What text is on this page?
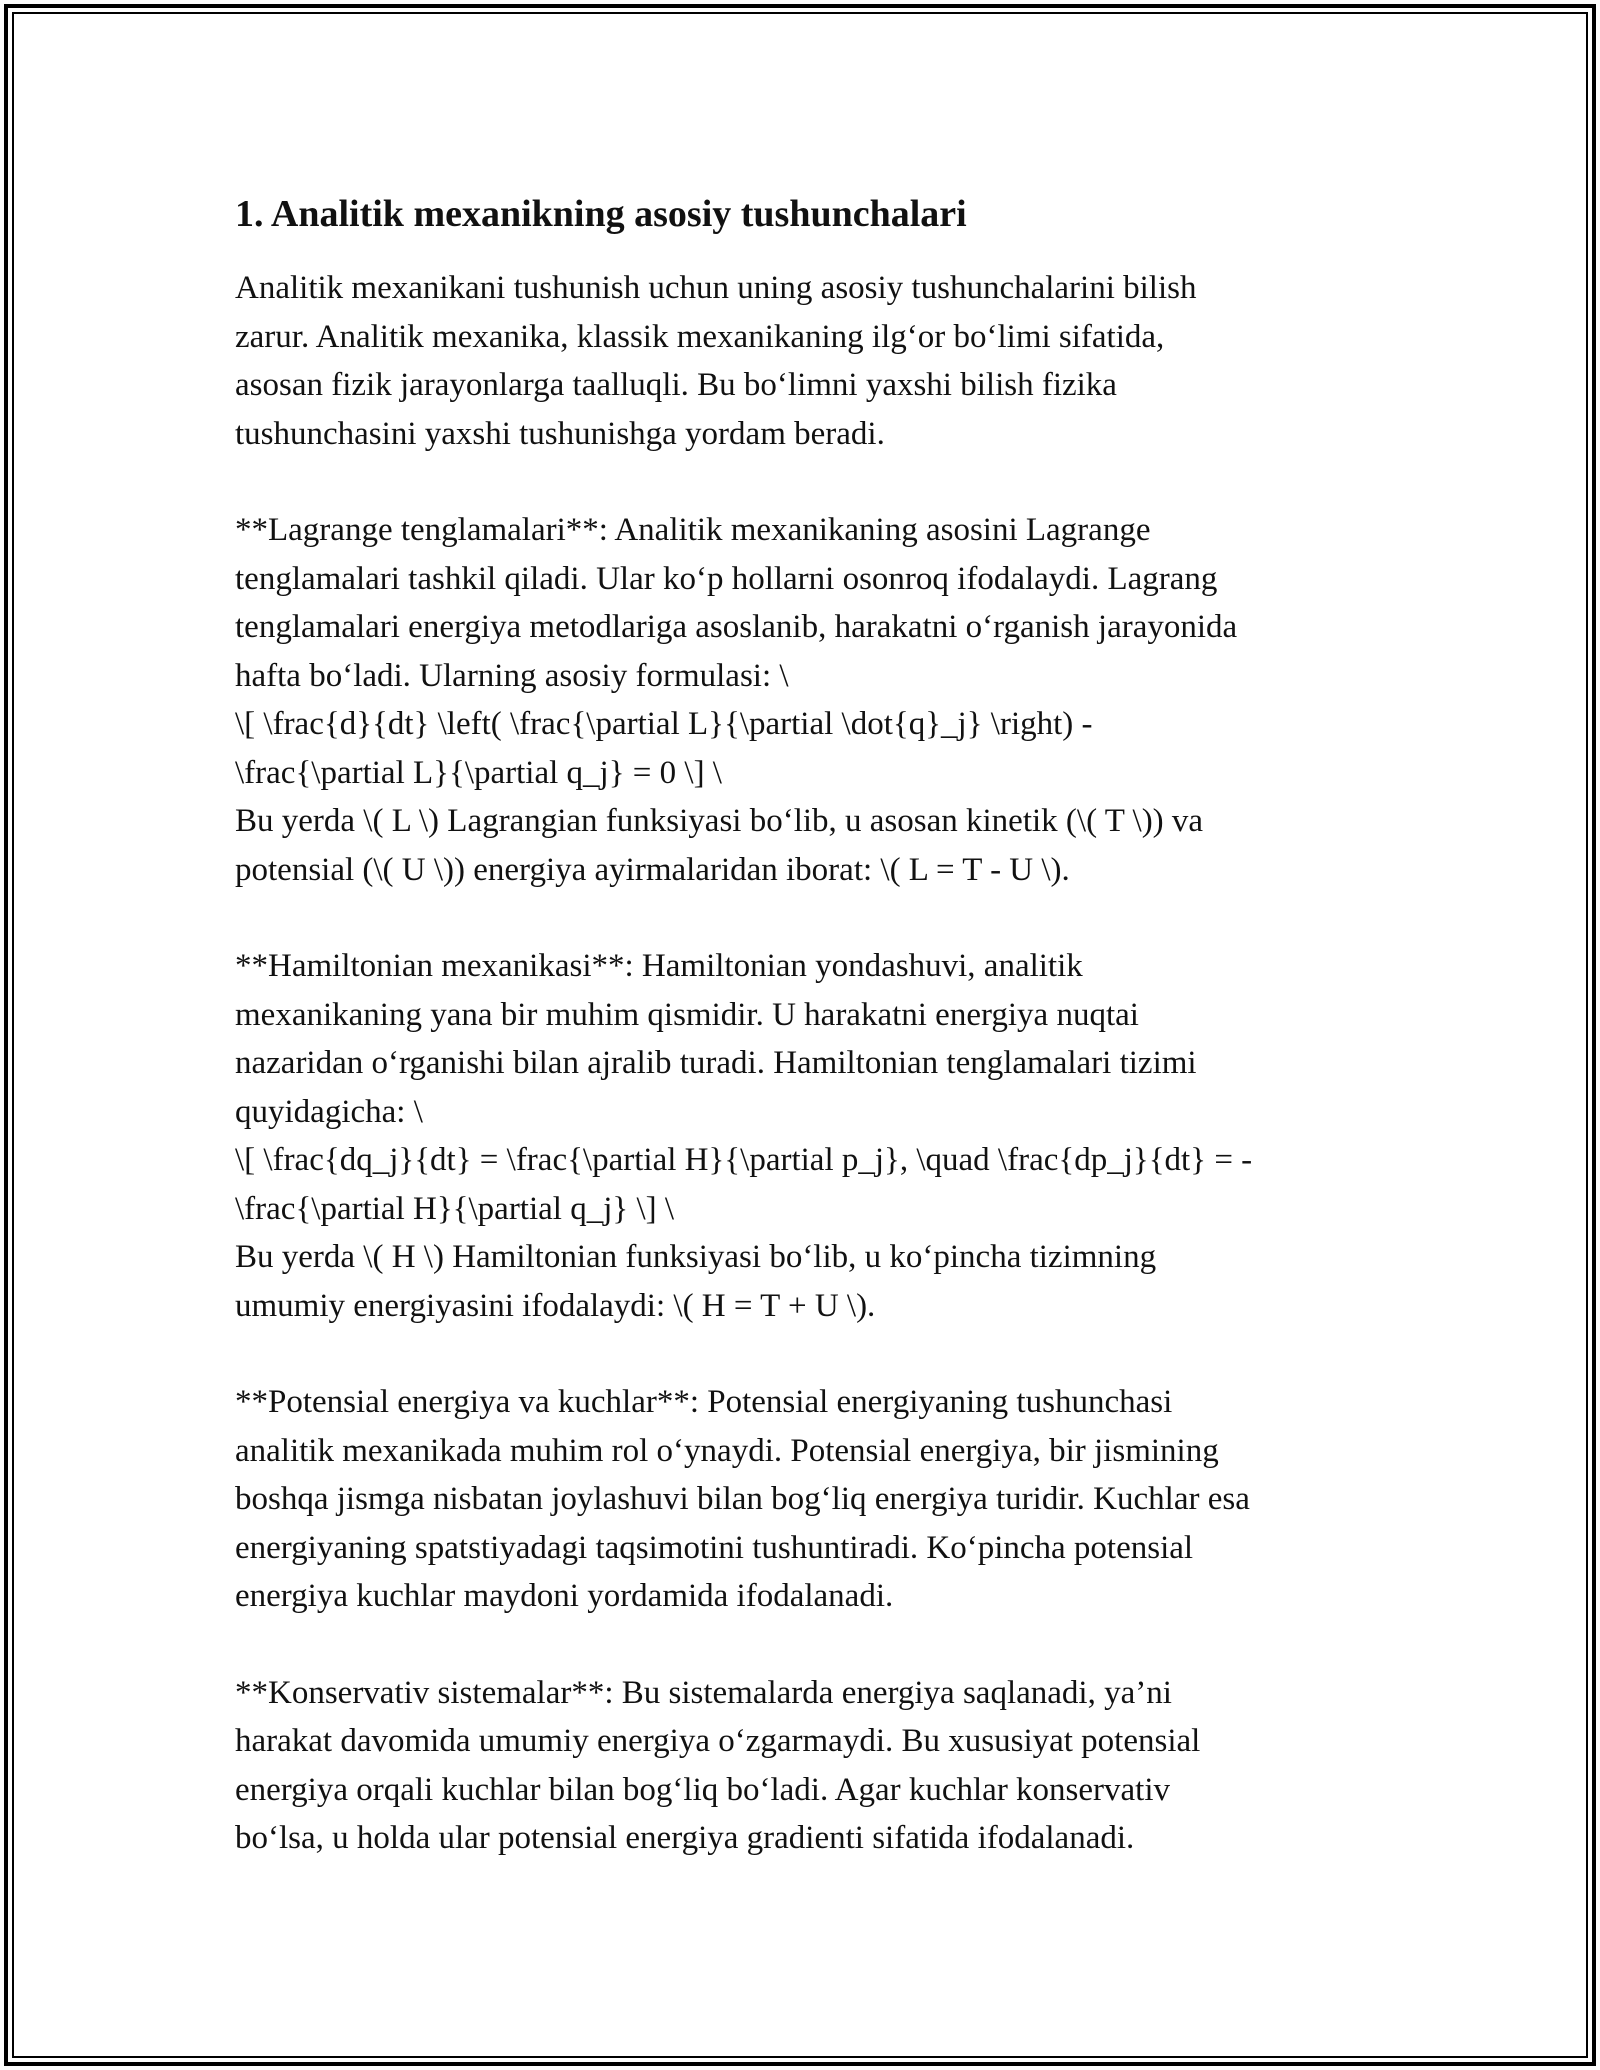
1. Analitik mexanikning asosiy tushunchalari

Analitik mexanikani tushunish uchun uning asosiy tushunchalarini bilish
zarur. Analitik mexanika, klassik mexanikaning ilg‘or bo‘limi sifatida,
asosan fizik jarayonlarga taalluqli. Bu bo‘limni yaxshi bilish fizika
tushunchasini yaxshi tushunishga yordam beradi.

**Lagrange tenglamalari**: Analitik mexanikaning asosini Lagrange
tenglamalari tashkil qiladi. Ular ko‘p hollarni osonroq ifodalaydi. Lagrang
tenglamalari energiya metodlariga asoslanib, harakatni o‘rganish jarayonida
hafta bo‘ladi. Ularning asosiy formulasi: \
\[ \frac{d}{dt} \left( \frac{\partial L}{\partial \dot{q}_j} \right) -
\frac{\partial L}{\partial q_j} = 0 \] \
Bu yerda \( L \) Lagrangian funksiyasi bo‘lib, u asosan kinetik (\( T \)) va
potensial (\( U \)) energiya ayirmalaridan iborat: \( L = T - U \).

**Hamiltonian mexanikasi**: Hamiltonian yondashuvi, analitik
mexanikaning yana bir muhim qismidir. U harakatni energiya nuqtai
nazaridan o‘rganishi bilan ajralib turadi. Hamiltonian tenglamalari tizimi
quyidagicha: \
\[ \frac{dq_j}{dt} = \frac{\partial H}{\partial p_j}, \quad \frac{dp_j}{dt} = -
\frac{\partial H}{\partial q_j} \] \
Bu yerda \( H \) Hamiltonian funksiyasi bo‘lib, u ko‘pincha tizimning
umumiy energiyasini ifodalaydi: \( H = T + U \).

**Potensial energiya va kuchlar**: Potensial energiyaning tushunchasi
analitik mexanikada muhim rol o‘ynaydi. Potensial energiya, bir jismining
boshqa jismga nisbatan joylashuvi bilan bog‘liq energiya turidir. Kuchlar esa
energiyaning spatstiyadagi taqsimotini tushuntiradi. Ko‘pincha potensial
energiya kuchlar maydoni yordamida ifodalanadi.

**Konservativ sistemalar**: Bu sistemalarda energiya saqlanadi, ya’ni
harakat davomida umumiy energiya o‘zgarmaydi. Bu xususiyat potensial
energiya orqali kuchlar bilan bog‘liq bo‘ladi. Agar kuchlar konservativ
bo‘lsa, u holda ular potensial energiya gradienti sifatida ifodalanadi.
